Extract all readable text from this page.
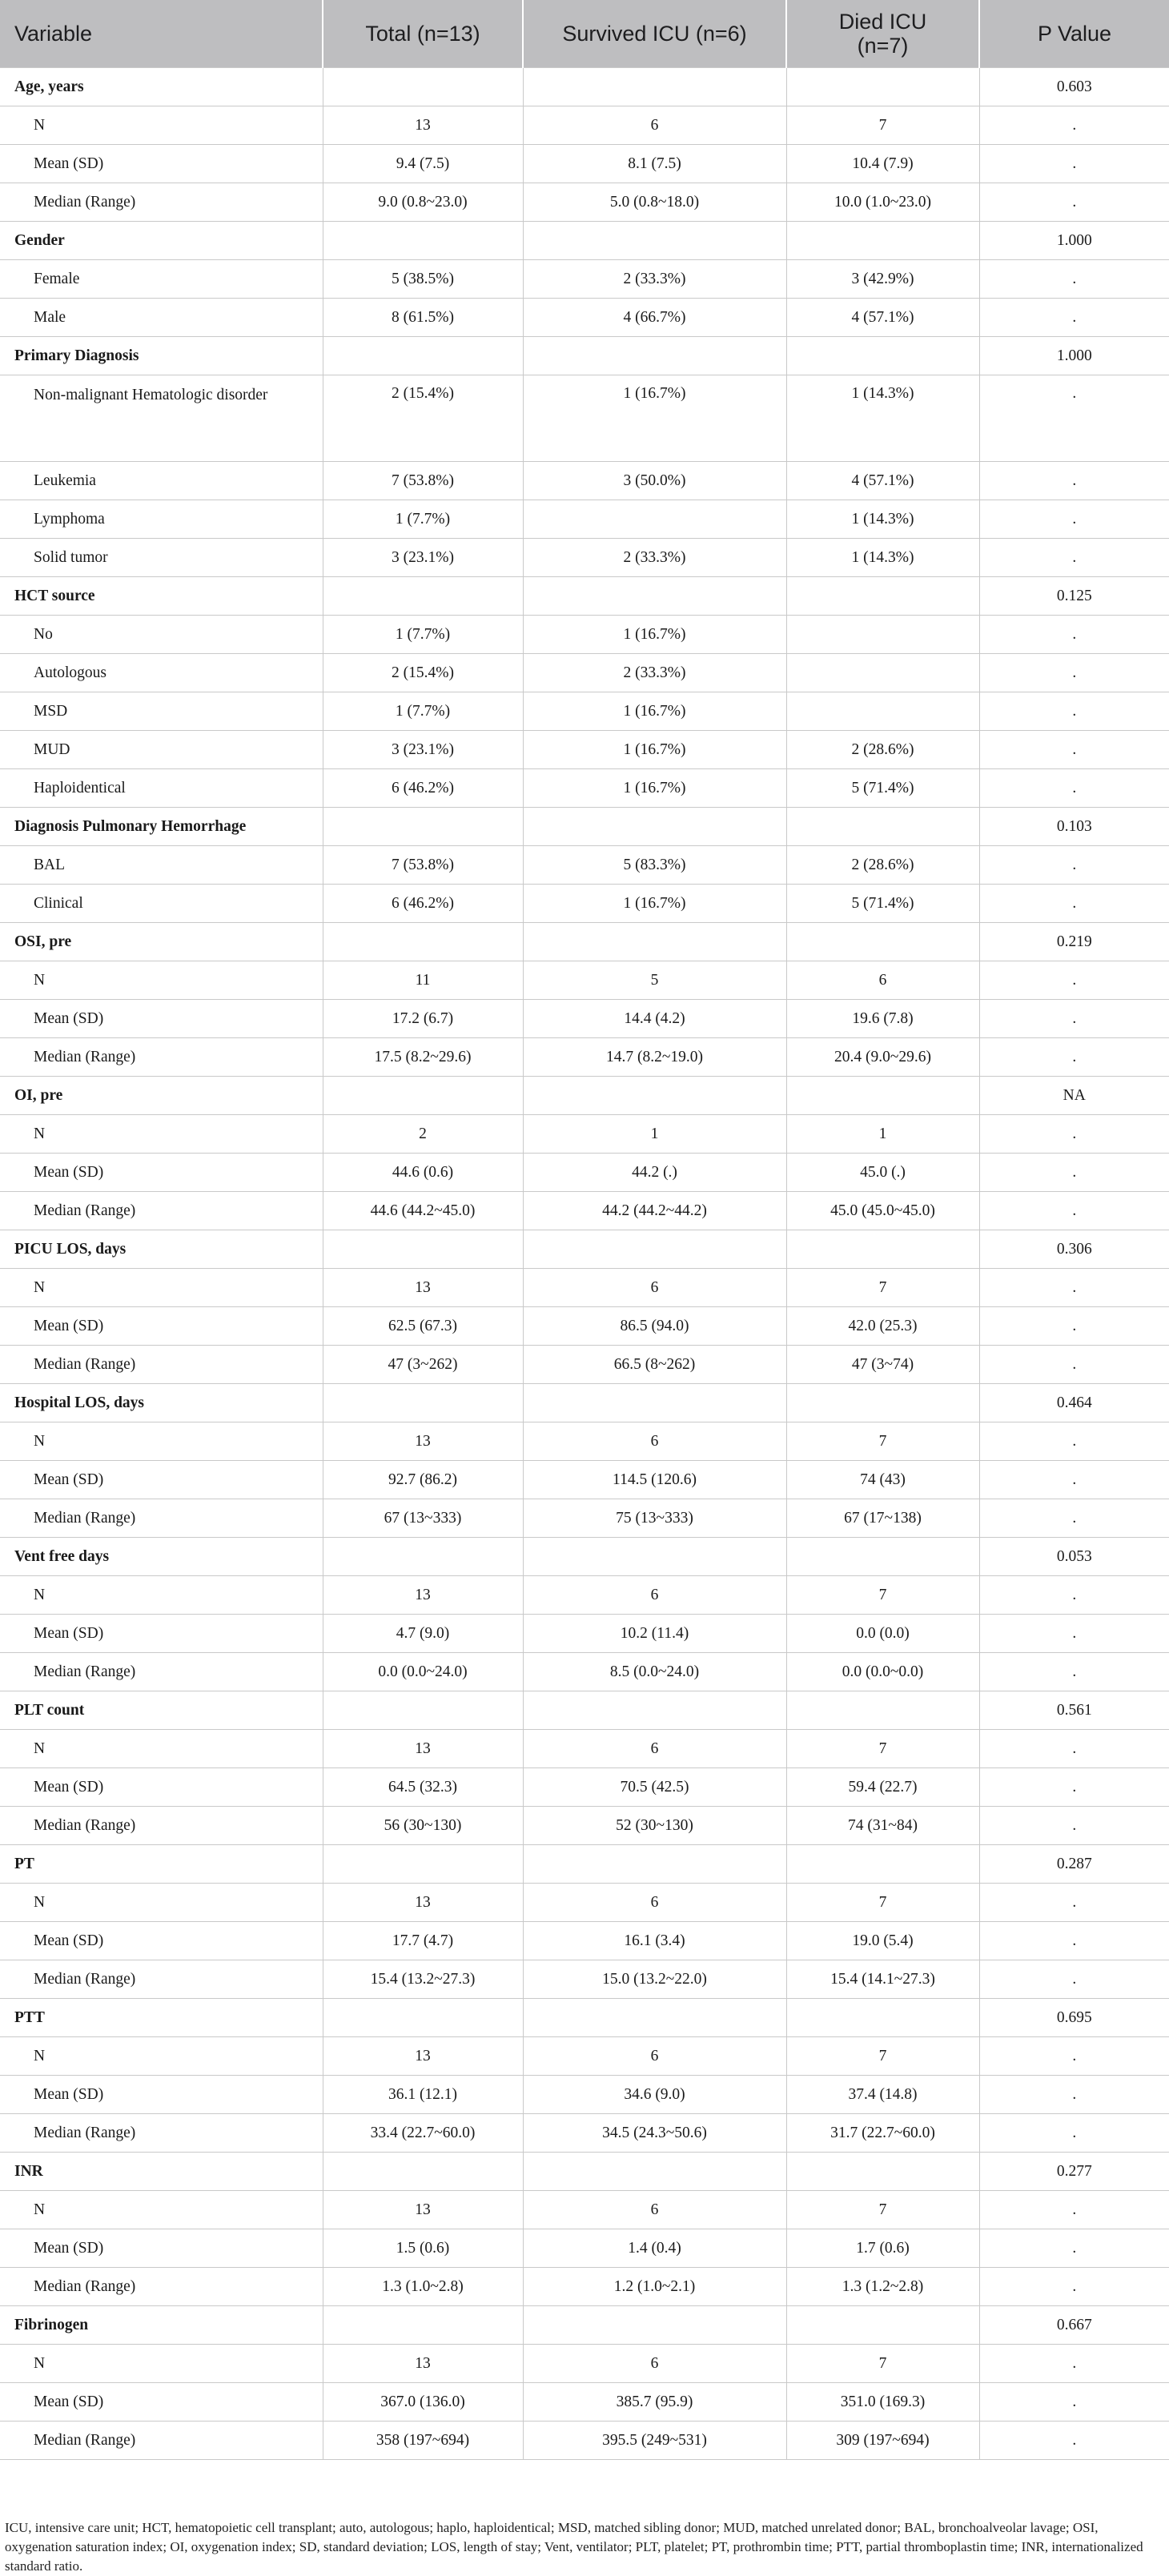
Variable	Total (n=13)	Survived ICU (n=6)	Died ICU (n=7)	P Value
Age, years				0.603
N	13	6	7	.
Mean (SD)	9.4 (7.5)	8.1 (7.5)	10.4 (7.9)	.
Median (Range)	9.0 (0.8~23.0)	5.0 (0.8~18.0)	10.0 (1.0~23.0)	.
Gender				1.000
Female	5 (38.5%)	2 (33.3%)	3 (42.9%)	.
Male	8 (61.5%)	4 (66.7%)	4 (57.1%)	.
Primary Diagnosis				1.000
Non-malignant Hematologic disorder	2 (15.4%)	1 (16.7%)	1 (14.3%)	.
Leukemia	7 (53.8%)	3 (50.0%)	4 (57.1%)	.
Lymphoma	1 (7.7%)		1 (14.3%)	.
Solid tumor	3 (23.1%)	2 (33.3%)	1 (14.3%)	.
HCT source				0.125
No	1 (7.7%)	1 (16.7%)		.
Autologous	2 (15.4%)	2 (33.3%)		.
MSD	1 (7.7%)	1 (16.7%)		.
MUD	3 (23.1%)	1 (16.7%)	2 (28.6%)	.
Haploidentical	6 (46.2%)	1 (16.7%)	5 (71.4%)	.
Diagnosis Pulmonary Hemorrhage				0.103
BAL	7 (53.8%)	5 (83.3%)	2 (28.6%)	.
Clinical	6 (46.2%)	1 (16.7%)	5 (71.4%)	.
OSI, pre				0.219
N	11	5	6	.
Mean (SD)	17.2 (6.7)	14.4 (4.2)	19.6 (7.8)	.
Median (Range)	17.5 (8.2~29.6)	14.7 (8.2~19.0)	20.4 (9.0~29.6)	.
OI, pre				NA
N	2	1	1	.
Mean (SD)	44.6 (0.6)	44.2 (.)	45.0 (.)	.
Median (Range)	44.6 (44.2~45.0)	44.2 (44.2~44.2)	45.0 (45.0~45.0)	.
PICU LOS, days				0.306
N	13	6	7	.
Mean (SD)	62.5 (67.3)	86.5 (94.0)	42.0 (25.3)	.
Median (Range)	47 (3~262)	66.5 (8~262)	47 (3~74)	.
Hospital LOS, days				0.464
N	13	6	7	.
Mean (SD)	92.7 (86.2)	114.5 (120.6)	74 (43)	.
Median (Range)	67 (13~333)	75 (13~333)	67 (17~138)	.
Vent free days				0.053
N	13	6	7	.
Mean (SD)	4.7 (9.0)	10.2 (11.4)	0.0 (0.0)	.
Median (Range)	0.0 (0.0~24.0)	8.5 (0.0~24.0)	0.0 (0.0~0.0)	.
PLT count				0.561
N	13	6	7	.
Mean (SD)	64.5 (32.3)	70.5 (42.5)	59.4 (22.7)	.
Median (Range)	56 (30~130)	52 (30~130)	74 (31~84)	.
PT				0.287
N	13	6	7	.
Mean (SD)	17.7 (4.7)	16.1 (3.4)	19.0 (5.4)	.
Median (Range)	15.4 (13.2~27.3)	15.0 (13.2~22.0)	15.4 (14.1~27.3)	.
PTT				0.695
N	13	6	7	.
Mean (SD)	36.1 (12.1)	34.6 (9.0)	37.4 (14.8)	.
Median (Range)	33.4 (22.7~60.0)	34.5 (24.3~50.6)	31.7 (22.7~60.0)	.
INR				0.277
N	13	6	7	.
Mean (SD)	1.5 (0.6)	1.4 (0.4)	1.7 (0.6)	.
Median (Range)	1.3 (1.0~2.8)	1.2 (1.0~2.1)	1.3 (1.2~2.8)	.
Fibrinogen				0.667
N	13	6	7	.
Mean (SD)	367.0 (136.0)	385.7 (95.9)	351.0 (169.3)	.
Median (Range)	358 (197~694)	395.5 (249~531)	309 (197~694)	.

ICU, intensive care unit; HCT, hematopoietic cell transplant; auto, autologous; haplo, haploidentical; MSD, matched sibling donor; MUD, matched unrelated donor; BAL, bronchoalveolar lavage; OSI, oxygenation saturation index; OI, oxygenation index; SD, standard deviation; LOS, length of stay; Vent, ventilator; PLT, platelet; PT, prothrombin time; PTT, partial thromboplastin time; INR, internationalized standard ratio.
